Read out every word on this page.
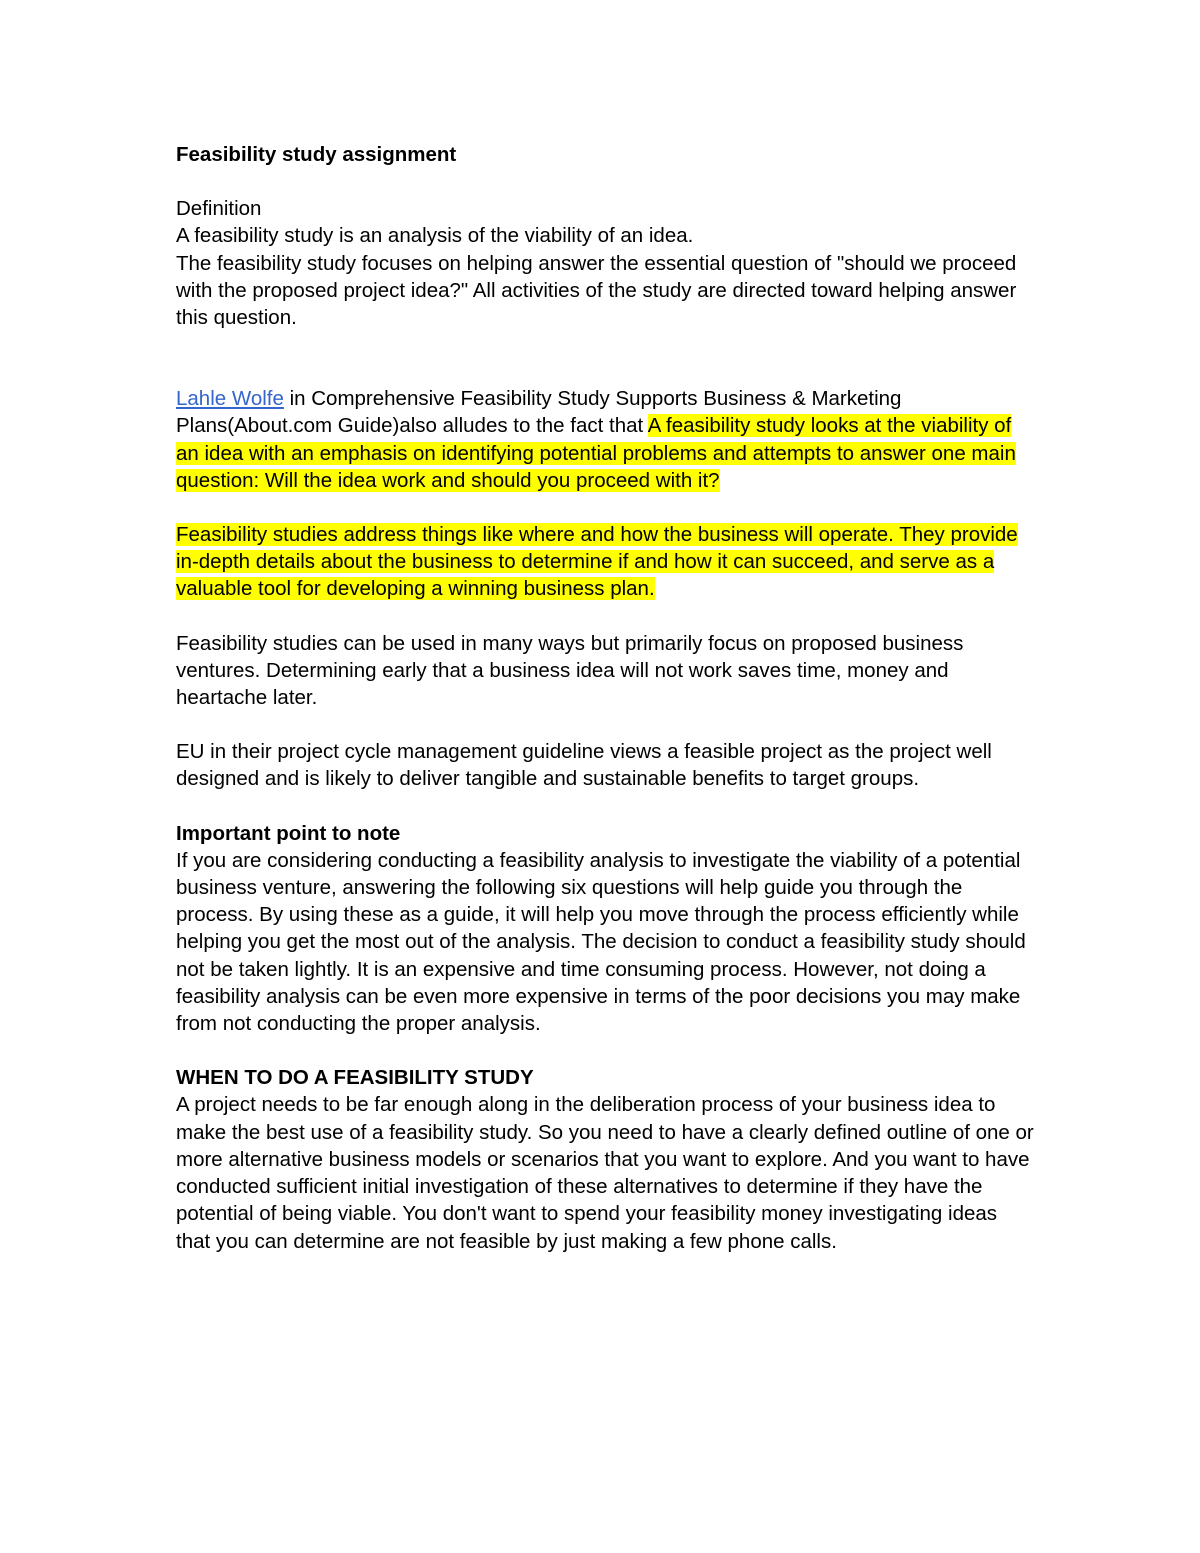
Feasibility study assignment

Definition

A feasibility study is an analysis of the viability of an idea.

The feasibility study focuses on helping answer the essential question of "should we proceed with the proposed project idea?" All activities of the study are directed toward helping answer this question.

Lahle Wolfe in Comprehensive Feasibility Study Supports Business & Marketing Plans(About.com Guide)also alludes to the fact that A feasibility study looks at the viability of an idea with an emphasis on identifying potential problems and attempts to answer one main question: Will the idea work and should you proceed with it?

Feasibility studies address things like where and how the business will operate. They provide in-depth details about the business to determine if and how it can succeed, and serve as a valuable tool for developing a winning business plan.

Feasibility studies can be used in many ways but primarily focus on proposed business ventures. Determining early that a business idea will not work saves time, money and heartache later.

EU in their project cycle management guideline views a feasible project as the project well designed and is likely to deliver tangible and sustainable benefits to target groups.

Important point to note

If you are considering conducting a feasibility analysis to investigate the viability of a potential business venture, answering the following six questions will help guide you through the process. By using these as a guide, it will help you move through the process efficiently while helping you get the most out of the analysis. The decision to conduct a feasibility study should not be taken lightly. It is an expensive and time consuming process. However, not doing a feasibility analysis can be even more expensive in terms of the poor decisions you may make from not conducting the proper analysis.

WHEN TO DO A FEASIBILITY STUDY

A project needs to be far enough along in the deliberation process of your business idea to make the best use of a feasibility study. So you need to have a clearly defined outline of one or more alternative business models or scenarios that you want to explore. And you want to have conducted sufficient initial investigation of these alternatives to determine if they have the potential of being viable. You don't want to spend your feasibility money investigating ideas that you can determine are not feasible by just making a few phone calls.
